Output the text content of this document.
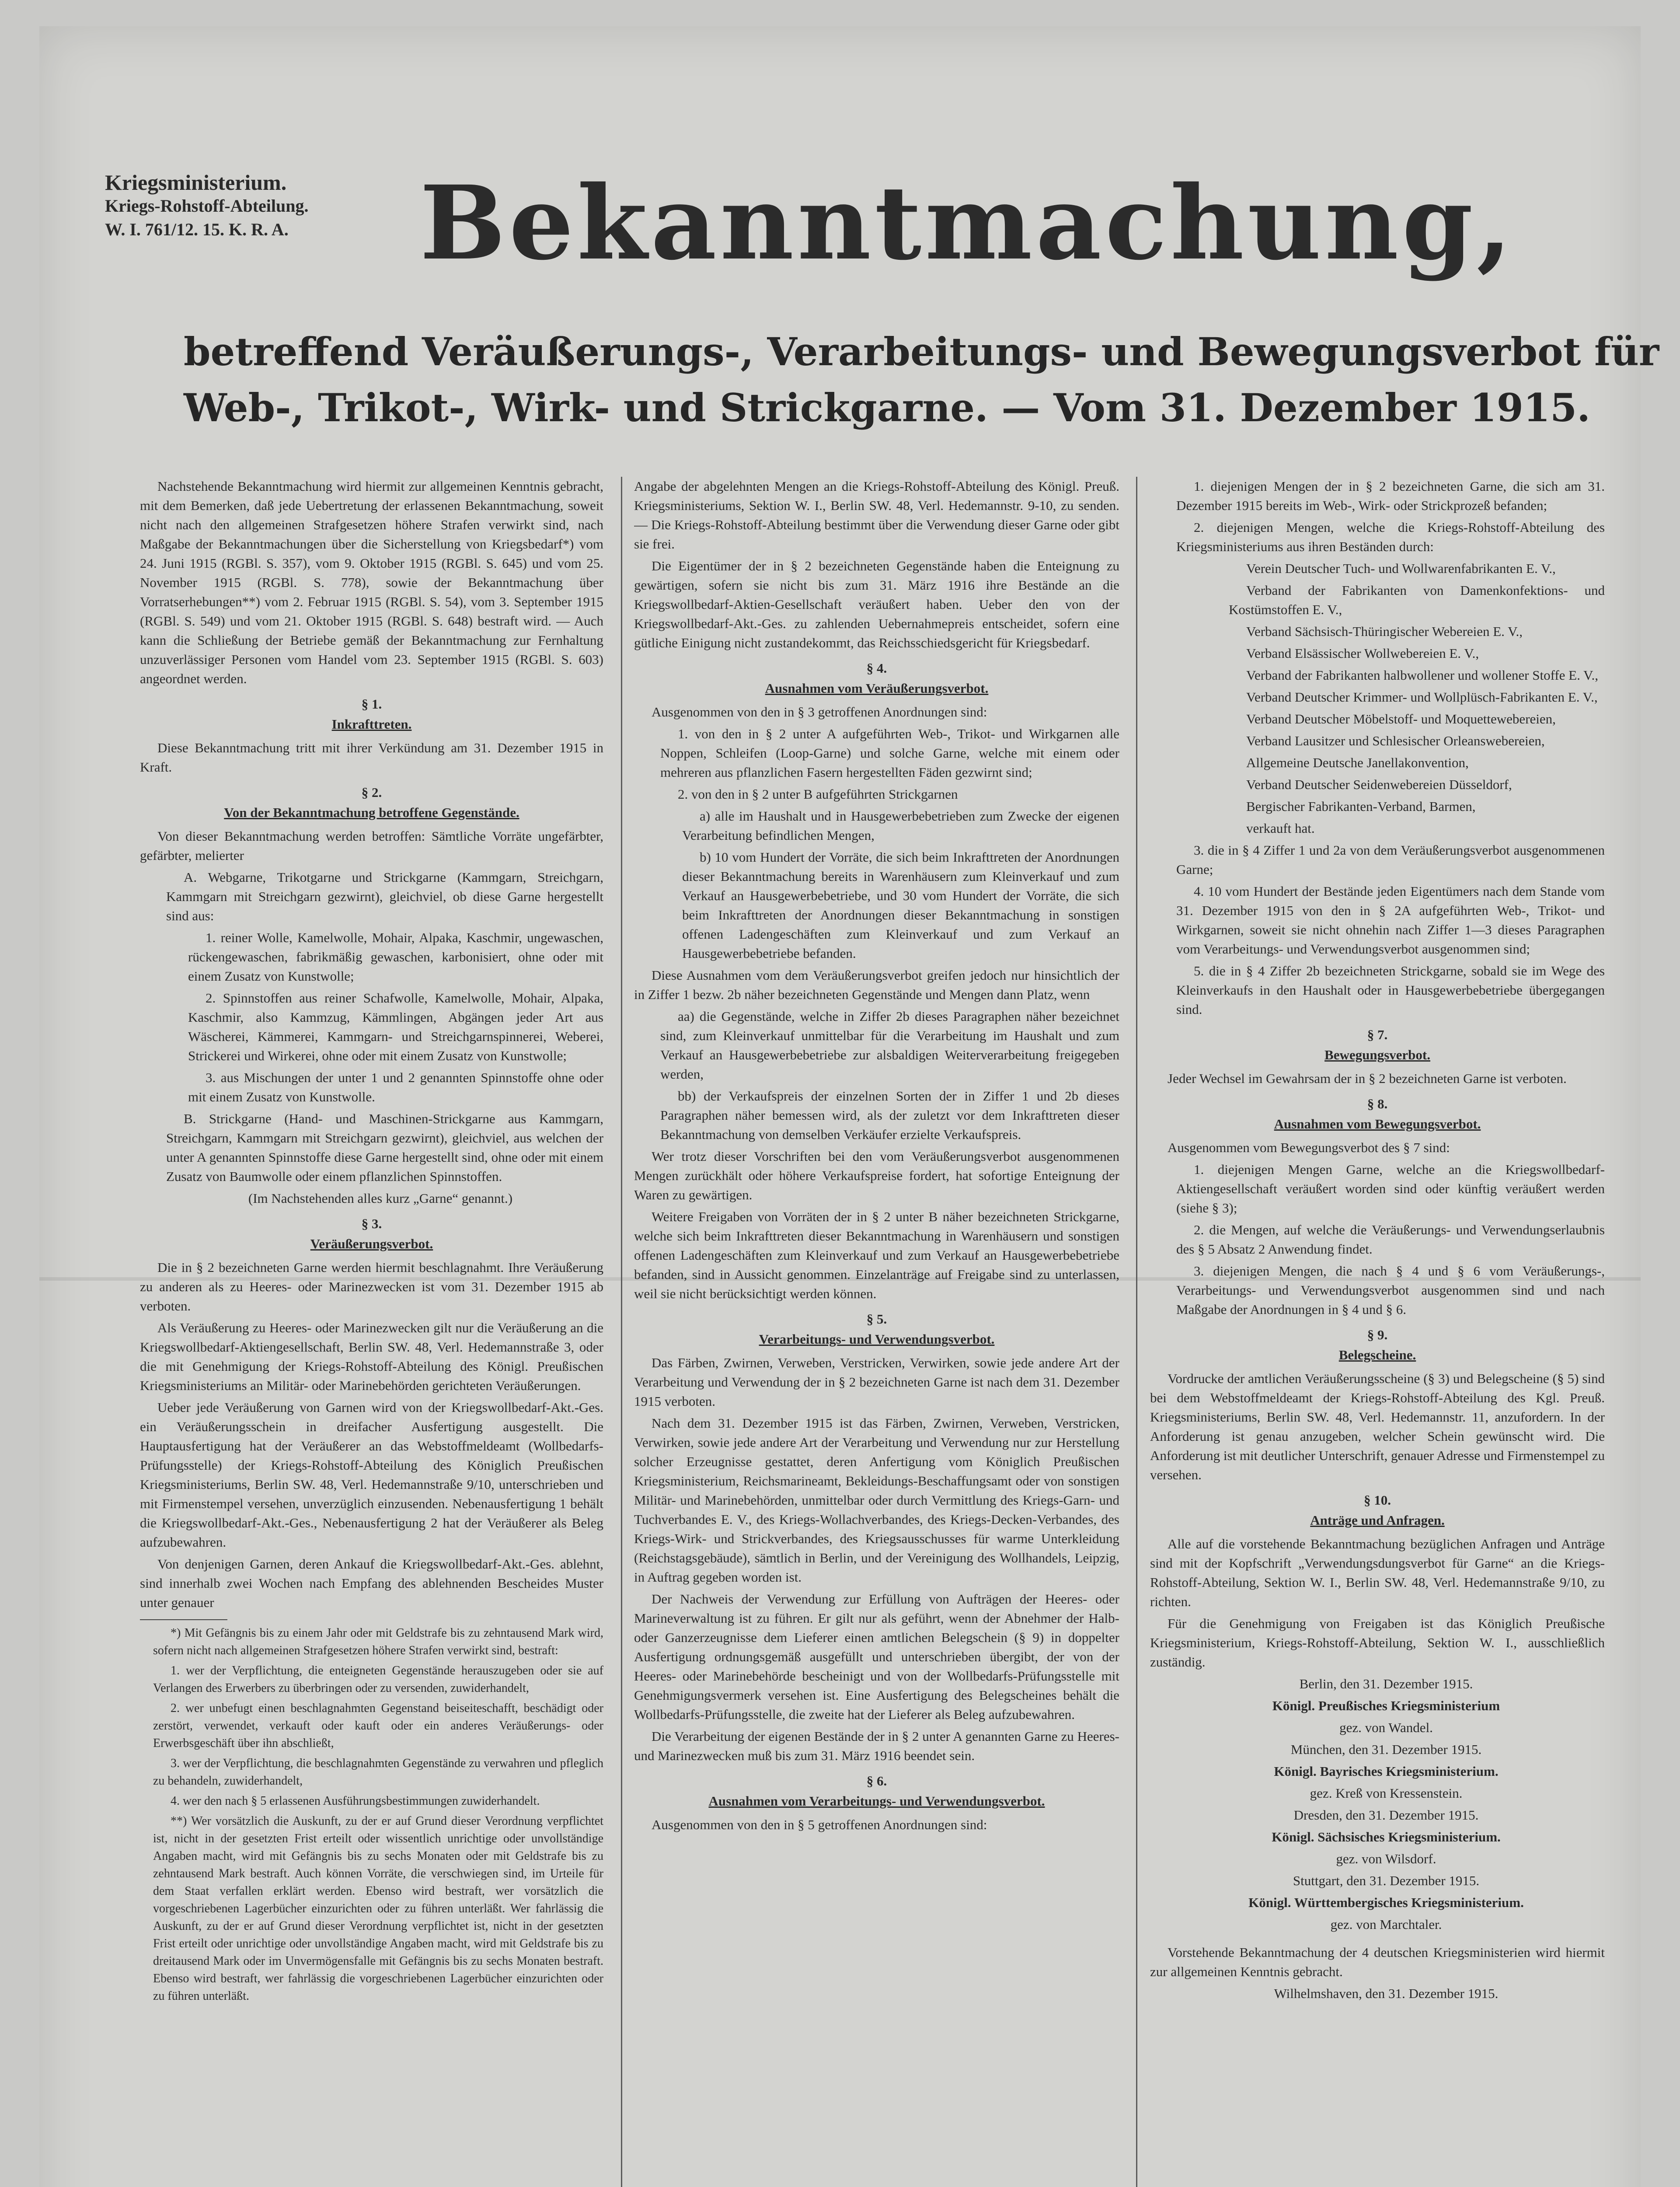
Kriegsministerium.
Kriegs-Rohstoff-Abteilung.
W. I. 761/12. 15. K. R. A.	Bekanntmachung,
betreffend Veräußerungs-, Verarbeitungs- und Bewegungsverbot für
Web-, Trikot-, Wirk- und Strickgarne. — Vom 31. Dezember 1915.

Nachstehende Bekanntmachung wird hiermit zur allgemeinen Kenntnis gebracht, mit dem Bemerken, daß jede Uebertretung der erlassenen Bekanntmachung, soweit nicht nach den allgemeinen Strafgesetzen höhere Strafen verwirkt sind, nach Maßgabe der Bekanntmachungen über die Sicherstellung von Kriegsbedarf*) vom 24. Juni 1915 (RGBl. S. 357), vom 9. Oktober 1915 (RGBl. S. 645) und vom 25. November 1915 (RGBl. S. 778), sowie der Bekanntmachung über Vorratserhebungen**) vom 2. Februar 1915 (RGBl. S. 54), vom 3. September 1915 (RGBl. S. 549) und vom 21. Oktober 1915 (RGBl. S. 648) bestraft wird. — Auch kann die Schließung der Betriebe gemäß der Bekanntmachung zur Fernhaltung unzuverlässiger Personen vom Handel vom 23. September 1915 (RGBl. S. 603) angeordnet werden.

§ 1.
Inkrafttreten.

Diese Bekanntmachung tritt mit ihrer Verkündung am 31. Dezember 1915 in Kraft.

§ 2.
Von der Bekanntmachung betroffene Gegenstände.

Von dieser Bekanntmachung werden betroffen: Sämtliche Vorräte ungefärbter, gefärbter, melierter

A. Webgarne, Trikotgarne und Strickgarne (Kammgarn, Streichgarn, Kammgarn mit Streichgarn gezwirnt), gleichviel, ob diese Garne hergestellt sind aus:

1. reiner Wolle, Kamelwolle, Mohair, Alpaka, Kaschmir, ungewaschen, rückengewaschen, fabrikmäßig gewaschen, karbonisiert, ohne oder mit einem Zusatz von Kunstwolle;

2. Spinnstoffen aus reiner Schafwolle, Kamelwolle, Mohair, Alpaka, Kaschmir, also Kammzug, Kämmlingen, Abgängen jeder Art aus Wäscherei, Kämmerei, Kammgarn- und Streichgarnspinnerei, Weberei, Strickerei und Wirkerei, ohne oder mit einem Zusatz von Kunstwolle;

3. aus Mischungen der unter 1 und 2 genannten Spinnstoffe ohne oder mit einem Zusatz von Kunstwolle.

B. Strickgarne (Hand- und Maschinen-Strickgarne aus Kammgarn, Streichgarn, Kammgarn mit Streichgarn gezwirnt), gleichviel, aus welchen der unter A genannten Spinnstoffe diese Garne hergestellt sind, ohne oder mit einem Zusatz von Baumwolle oder einem pflanzlichen Spinnstoffen.

(Im Nachstehenden alles kurz „Garne“ genannt.)

§ 3.
Veräußerungsverbot.

Die in § 2 bezeichneten Garne werden hiermit beschlagnahmt. Ihre Veräußerung zu anderen als zu Heeres- oder Marinezwecken ist vom 31. Dezember 1915 ab verboten.

Als Veräußerung zu Heeres- oder Marinezwecken gilt nur die Veräußerung an die Kriegswollbedarf-Aktiengesellschaft, Berlin SW. 48, Verl. Hedemannstraße 3, oder die mit Genehmigung der Kriegs-Rohstoff-Abteilung des Königl. Preußischen Kriegsministeriums an Militär- oder Marinebehörden gerichteten Veräußerungen.

Ueber jede Veräußerung von Garnen wird von der Kriegswollbedarf-Akt.-Ges. ein Veräußerungsschein in dreifacher Ausfertigung ausgestellt. Die Hauptausfertigung hat der Veräußerer an das Webstoffmeldeamt (Wollbedarfs-Prüfungsstelle) der Kriegs-Rohstoff-Abteilung des Königlich Preußischen Kriegsministeriums, Berlin SW. 48, Verl. Hedemannstraße 9/10, unterschrieben und mit Firmenstempel versehen, unverzüglich einzusenden. Nebenausfertigung 1 behält die Kriegswollbedarf-Akt.-Ges., Nebenausfertigung 2 hat der Veräußerer als Beleg aufzubewahren.

Von denjenigen Garnen, deren Ankauf die Kriegswollbedarf-Akt.-Ges. ablehnt, sind innerhalb zwei Wochen nach Empfang des ablehnenden Bescheides Muster unter genauer

*) Mit Gefängnis bis zu einem Jahr oder mit Geldstrafe bis zu zehntausend Mark wird, sofern nicht nach allgemeinen Strafgesetzen höhere Strafen verwirkt sind, bestraft:

1. wer der Verpflichtung, die enteigneten Gegenstände herauszugeben oder sie auf Verlangen des Erwerbers zu überbringen oder zu versenden, zuwiderhandelt,

2. wer unbefugt einen beschlagnahmten Gegenstand beiseiteschafft, beschädigt oder zerstört, verwendet, verkauft oder kauft oder ein anderes Veräußerungs- oder Erwerbsgeschäft über ihn abschließt,

3. wer der Verpflichtung, die beschlagnahmten Gegenstände zu verwahren und pfleglich zu behandeln, zuwiderhandelt,

4. wer den nach § 5 erlassenen Ausführungsbestimmungen zuwiderhandelt.

**) Wer vorsätzlich die Auskunft, zu der er auf Grund dieser Verordnung verpflichtet ist, nicht in der gesetzten Frist erteilt oder wissentlich unrichtige oder unvollständige Angaben macht, wird mit Gefängnis bis zu sechs Monaten oder mit Geldstrafe bis zu zehntausend Mark bestraft. Auch können Vorräte, die verschwiegen sind, im Urteile für dem Staat verfallen erklärt werden. Ebenso wird bestraft, wer vorsätzlich die vorgeschriebenen Lagerbücher einzurichten oder zu führen unterläßt. Wer fahrlässig die Auskunft, zu der er auf Grund dieser Verordnung verpflichtet ist, nicht in der gesetzten Frist erteilt oder unrichtige oder unvollständige Angaben macht, wird mit Geldstrafe bis zu dreitausend Mark oder im Unvermögensfalle mit Gefängnis bis zu sechs Monaten bestraft. Ebenso wird bestraft, wer fahrlässig die vorgeschriebenen Lagerbücher einzurichten oder zu führen unterläßt.

Angabe der abgelehnten Mengen an die Kriegs-Rohstoff-Abteilung des Königl. Preuß. Kriegsministeriums, Sektion W. I., Berlin SW. 48, Verl. Hedemannstr. 9-10, zu senden. — Die Kriegs-Rohstoff-Abteilung bestimmt über die Verwendung dieser Garne oder gibt sie frei.

Die Eigentümer der in § 2 bezeichneten Gegenstände haben die Enteignung zu gewärtigen, sofern sie nicht bis zum 31. März 1916 ihre Bestände an die Kriegswollbedarf-Aktien-Gesellschaft veräußert haben. Ueber den von der Kriegswollbedarf-Akt.-Ges. zu zahlenden Uebernahmepreis entscheidet, sofern eine gütliche Einigung nicht zustandekommt, das Reichsschiedsgericht für Kriegsbedarf.

§ 4.
Ausnahmen vom Veräußerungsverbot.

Ausgenommen von den in § 3 getroffenen Anordnungen sind:

1. von den in § 2 unter A aufgeführten Web-, Trikot- und Wirkgarnen alle Noppen, Schleifen (Loop-Garne) und solche Garne, welche mit einem oder mehreren aus pflanzlichen Fasern hergestellten Fäden gezwirnt sind;

2. von den in § 2 unter B aufgeführten Strickgarnen

a) alle im Haushalt und in Hausgewerbebetrieben zum Zwecke der eigenen Verarbeitung befindlichen Mengen,

b) 10 vom Hundert der Vorräte, die sich beim Inkrafttreten der Anordnungen dieser Bekanntmachung bereits in Warenhäusern zum Kleinverkauf und zum Verkauf an Hausgewerbebetriebe, und 30 vom Hundert der Vorräte, die sich beim Inkrafttreten der Anordnungen dieser Bekanntmachung in sonstigen offenen Ladengeschäften zum Kleinverkauf und zum Verkauf an Hausgewerbebetriebe befanden.

Diese Ausnahmen vom dem Veräußerungsverbot greifen jedoch nur hinsichtlich der in Ziffer 1 bezw. 2b näher bezeichneten Gegenstände und Mengen dann Platz, wenn

aa) die Gegenstände, welche in Ziffer 2b dieses Paragraphen näher bezeichnet sind, zum Kleinverkauf unmittelbar für die Verarbeitung im Haushalt und zum Verkauf an Hausgewerbebetriebe zur alsbaldigen Weiterverarbeitung freigegeben werden,

bb) der Verkaufspreis der einzelnen Sorten der in Ziffer 1 und 2b dieses Paragraphen näher bemessen wird, als der zuletzt vor dem Inkrafttreten dieser Bekanntmachung von demselben Verkäufer erzielte Verkaufspreis.

Wer trotz dieser Vorschriften bei den vom Veräußerungsverbot ausgenommenen Mengen zurückhält oder höhere Verkaufspreise fordert, hat sofortige Enteignung der Waren zu gewärtigen.

Weitere Freigaben von Vorräten der in § 2 unter B näher bezeichneten Strickgarne, welche sich beim Inkrafttreten dieser Bekanntmachung in Warenhäusern und sonstigen offenen Ladengeschäften zum Kleinverkauf und zum Verkauf an Hausgewerbebetriebe befanden, sind in Aussicht genommen. Einzelanträge auf Freigabe sind zu unterlassen, weil sie nicht berücksichtigt werden können.

§ 5.
Verarbeitungs- und Verwendungsverbot.

Das Färben, Zwirnen, Verweben, Verstricken, Verwirken, sowie jede andere Art der Verarbeitung und Verwendung der in § 2 bezeichneten Garne ist nach dem 31. Dezember 1915 verboten.

Nach dem 31. Dezember 1915 ist das Färben, Zwirnen, Verweben, Verstricken, Verwirken, sowie jede andere Art der Verarbeitung und Verwendung nur zur Herstellung solcher Erzeugnisse gestattet, deren Anfertigung vom Königlich Preußischen Kriegsministerium, Reichsmarineamt, Bekleidungs-Beschaffungsamt oder von sonstigen Militär- und Marinebehörden, unmittelbar oder durch Vermittlung des Kriegs-Garn- und Tuchverbandes E. V., des Kriegs-Wollachverbandes, des Kriegs-Decken-Verbandes, des Kriegs-Wirk- und Strickverbandes, des Kriegsausschusses für warme Unterkleidung (Reichstagsgebäude), sämtlich in Berlin, und der Vereinigung des Wollhandels, Leipzig, in Auftrag gegeben worden ist.

Der Nachweis der Verwendung zur Erfüllung von Aufträgen der Heeres- oder Marineverwaltung ist zu führen. Er gilt nur als geführt, wenn der Abnehmer der Halb- oder Ganzerzeugnisse dem Lieferer einen amtlichen Belegschein (§ 9) in doppelter Ausfertigung ordnungsgemäß ausgefüllt und unterschrieben übergibt, der von der Heeres- oder Marinebehörde bescheinigt und von der Wollbedarfs-Prüfungsstelle mit Genehmigungsvermerk versehen ist. Eine Ausfertigung des Belegscheines behält die Wollbedarfs-Prüfungsstelle, die zweite hat der Lieferer als Beleg aufzubewahren.

Die Verarbeitung der eigenen Bestände der in § 2 unter A genannten Garne zu Heeres- und Marinezwecken muß bis zum 31. März 1916 beendet sein.

§ 6.
Ausnahmen vom Verarbeitungs- und Verwendungsverbot.

Ausgenommen von den in § 5 getroffenen Anordnungen sind:

1. diejenigen Mengen der in § 2 bezeichneten Garne, die sich am 31. Dezember 1915 bereits im Web-, Wirk- oder Strickprozeß befanden;

2. diejenigen Mengen, welche die Kriegs-Rohstoff-Abteilung des Kriegsministeriums aus ihren Beständen durch:

Verein Deutscher Tuch- und Wollwarenfabrikanten E. V.,

Verband der Fabrikanten von Damenkonfektions- und Kostümstoffen E. V.,

Verband Sächsisch-Thüringischer Webereien E. V.,

Verband Elsässischer Wollwebereien E. V.,

Verband der Fabrikanten halbwollener und wollener Stoffe E. V.,

Verband Deutscher Krimmer- und Wollplüsch-Fabrikanten E. V.,

Verband Deutscher Möbelstoff- und Moquettewebereien,

Verband Lausitzer und Schlesischer Orleanswebereien,

Allgemeine Deutsche Janellakonvention,

Verband Deutscher Seidenwebereien Düsseldorf,

Bergischer Fabrikanten-Verband, Barmen,

verkauft hat.

3. die in § 4 Ziffer 1 und 2a von dem Veräußerungsverbot ausgenommenen Garne;

4. 10 vom Hundert der Bestände jeden Eigentümers nach dem Stande vom 31. Dezember 1915 von den in § 2A aufgeführten Web-, Trikot- und Wirkgarnen, soweit sie nicht ohnehin nach Ziffer 1—3 dieses Paragraphen vom Verarbeitungs- und Verwendungsverbot ausgenommen sind;

5. die in § 4 Ziffer 2b bezeichneten Strickgarne, sobald sie im Wege des Kleinverkaufs in den Haushalt oder in Hausgewerbebetriebe übergegangen sind.

§ 7.
Bewegungsverbot.

Jeder Wechsel im Gewahrsam der in § 2 bezeichneten Garne ist verboten.

§ 8.
Ausnahmen vom Bewegungsverbot.

Ausgenommen vom Bewegungsverbot des § 7 sind:

1. diejenigen Mengen Garne, welche an die Kriegswollbedarf-Aktiengesellschaft veräußert worden sind oder künftig veräußert werden (siehe § 3);

2. die Mengen, auf welche die Veräußerungs- und Verwendungserlaubnis des § 5 Absatz 2 Anwendung findet.

3. diejenigen Mengen, die nach § 4 und § 6 vom Veräußerungs-, Verarbeitungs- und Verwendungsverbot ausgenommen sind und nach Maßgabe der Anordnungen in § 4 und § 6.

§ 9.
Belegscheine.

Vordrucke der amtlichen Veräußerungsscheine (§ 3) und Belegscheine (§ 5) sind bei dem Webstoffmeldeamt der Kriegs-Rohstoff-Abteilung des Kgl. Preuß. Kriegsministeriums, Berlin SW. 48, Verl. Hedemannstr. 11, anzufordern. In der Anforderung ist genau anzugeben, welcher Schein gewünscht wird. Die Anforderung ist mit deutlicher Unterschrift, genauer Adresse und Firmenstempel zu versehen.

§ 10.
Anträge und Anfragen.

Alle auf die vorstehende Bekanntmachung bezüglichen Anfragen und Anträge sind mit der Kopfschrift „Verwendungsdungsverbot für Garne“ an die Kriegs-Rohstoff-Abteilung, Sektion W. I., Berlin SW. 48, Verl. Hedemannstraße 9/10, zu richten.

Für die Genehmigung von Freigaben ist das Königlich Preußische Kriegsministerium, Kriegs-Rohstoff-Abteilung, Sektion W. I., ausschließlich zuständig.

Berlin, den 31. Dezember 1915.

Königl. Preußisches Kriegsministerium

gez. von Wandel.

München, den 31. Dezember 1915.

Königl. Bayrisches Kriegsministerium.

gez. Kreß von Kressenstein.

Dresden, den 31. Dezember 1915.

Königl. Sächsisches Kriegsministerium.

gez. von Wilsdorf.

Stuttgart, den 31. Dezember 1915.

Königl. Württembergisches Kriegsministerium.

gez. von Marchtaler.

Vorstehende Bekanntmachung der 4 deutschen Kriegsministerien wird hiermit zur allgemeinen Kenntnis gebracht.

Wilhelmshaven, den 31. Dezember 1915.
